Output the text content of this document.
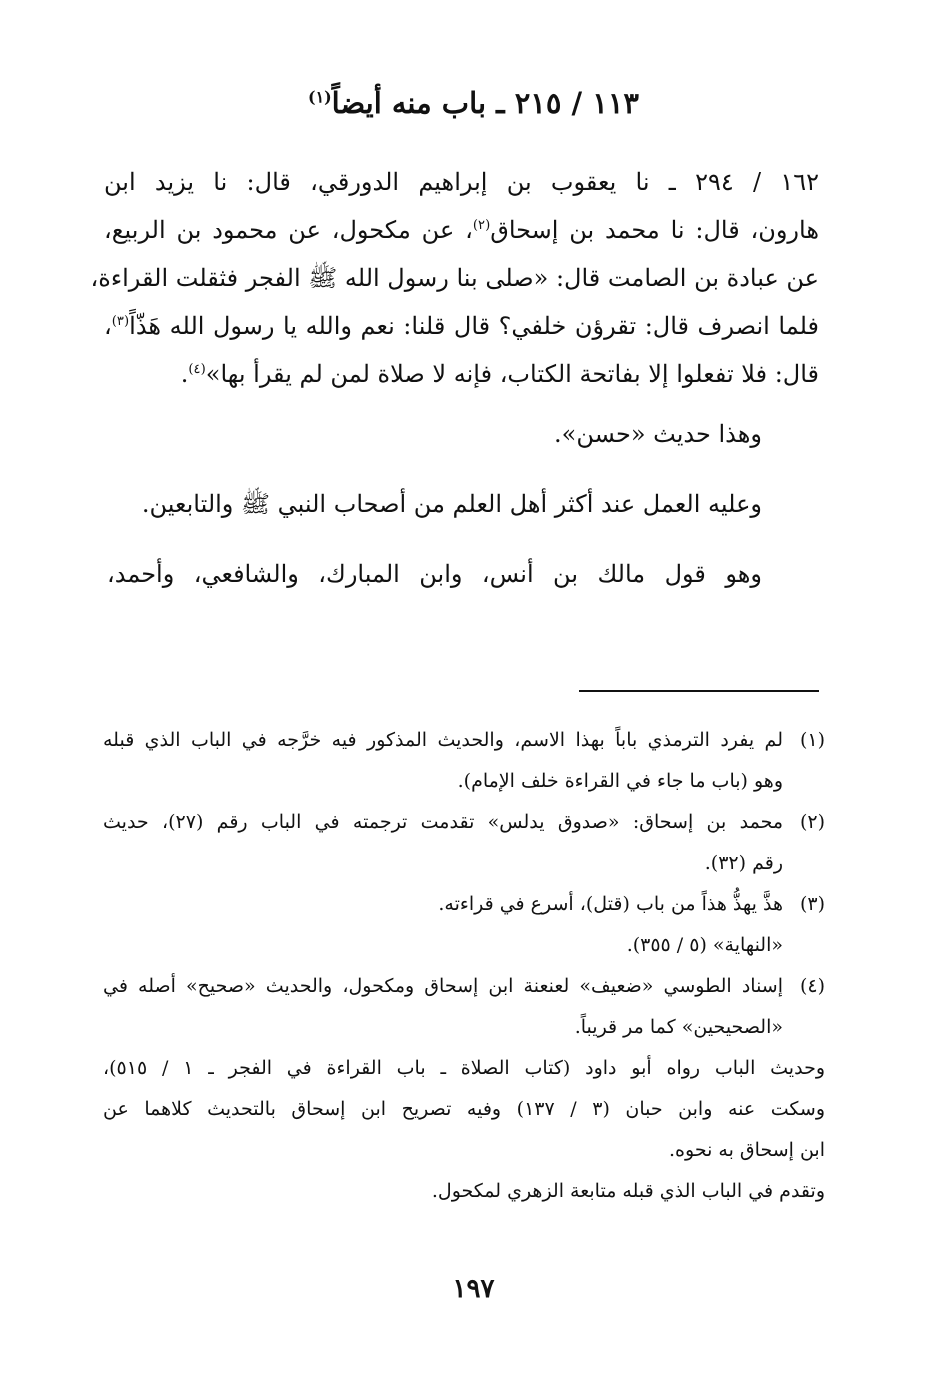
١١٣ / ٢١٥ ـ باب منه أيضاً$^{(١)}$
١٦٢ / ٢٩٤ ـ نا يعقوب بن إبراهيم الدورقي، قال: نا يزيد ابن
هارون، قال: نا محمد بن إسحاق$^{(٢)}$، عن مكحول، عن محمود بن الربيع،
عن عبادة بن الصامت قال: «صلى بنا رسول الله ﷺ الفجر فثقلت القراءة،
فلما انصرف قال: تقرؤن خلفي؟ قال قلنا: نعم والله يا رسول الله هَذّاً$^{(٣)}$،
قال: فلا تفعلوا إلا بفاتحة الكتاب، فإنه لا صلاة لمن لم يقرأ بها»$^{(٤)}$.

وهذا حديث «حسن».

وعليه العمل عند أكثر أهل العلم من أصحاب النبي ﷺ والتابعين.

وهو قول مالك بن أنس، وابن المبارك، والشافعي، وأحمد،

(١)
لم يفرد الترمذي باباً بهذا الاسم، والحديث المذكور فيه خرَّجه في الباب الذي قبله
وهو (باب ما جاء في القراءة خلف الإمام).
(٢)
محمد بن إسحاق: «صدوق يدلس» تقدمت ترجمته في الباب رقم (٢٧)، حديث
رقم (٣٢).
(٣)
هذَّ يهذُّ هذاً من باب (قتل)، أسرع في قراءته.
«النهاية» (٥ / ٣٥٥).
(٤)
إسناد الطوسي «ضعيف» لعنعنة ابن إسحاق ومكحول، والحديث «صحيح» أصله في
«الصحيحين» كما مر قريباً.
وحديث الباب رواه أبو داود (كتاب الصلاة ـ باب القراءة في الفجر ـ ١ / ٥١٥)،
وسكت عنه وابن حبان (٣ / ١٣٧) وفيه تصريح ابن إسحاق بالتحديث كلاهما عن
ابن إسحاق به نحوه.
وتقدم في الباب الذي قبله متابعة الزهري لمكحول.

١٩٧
